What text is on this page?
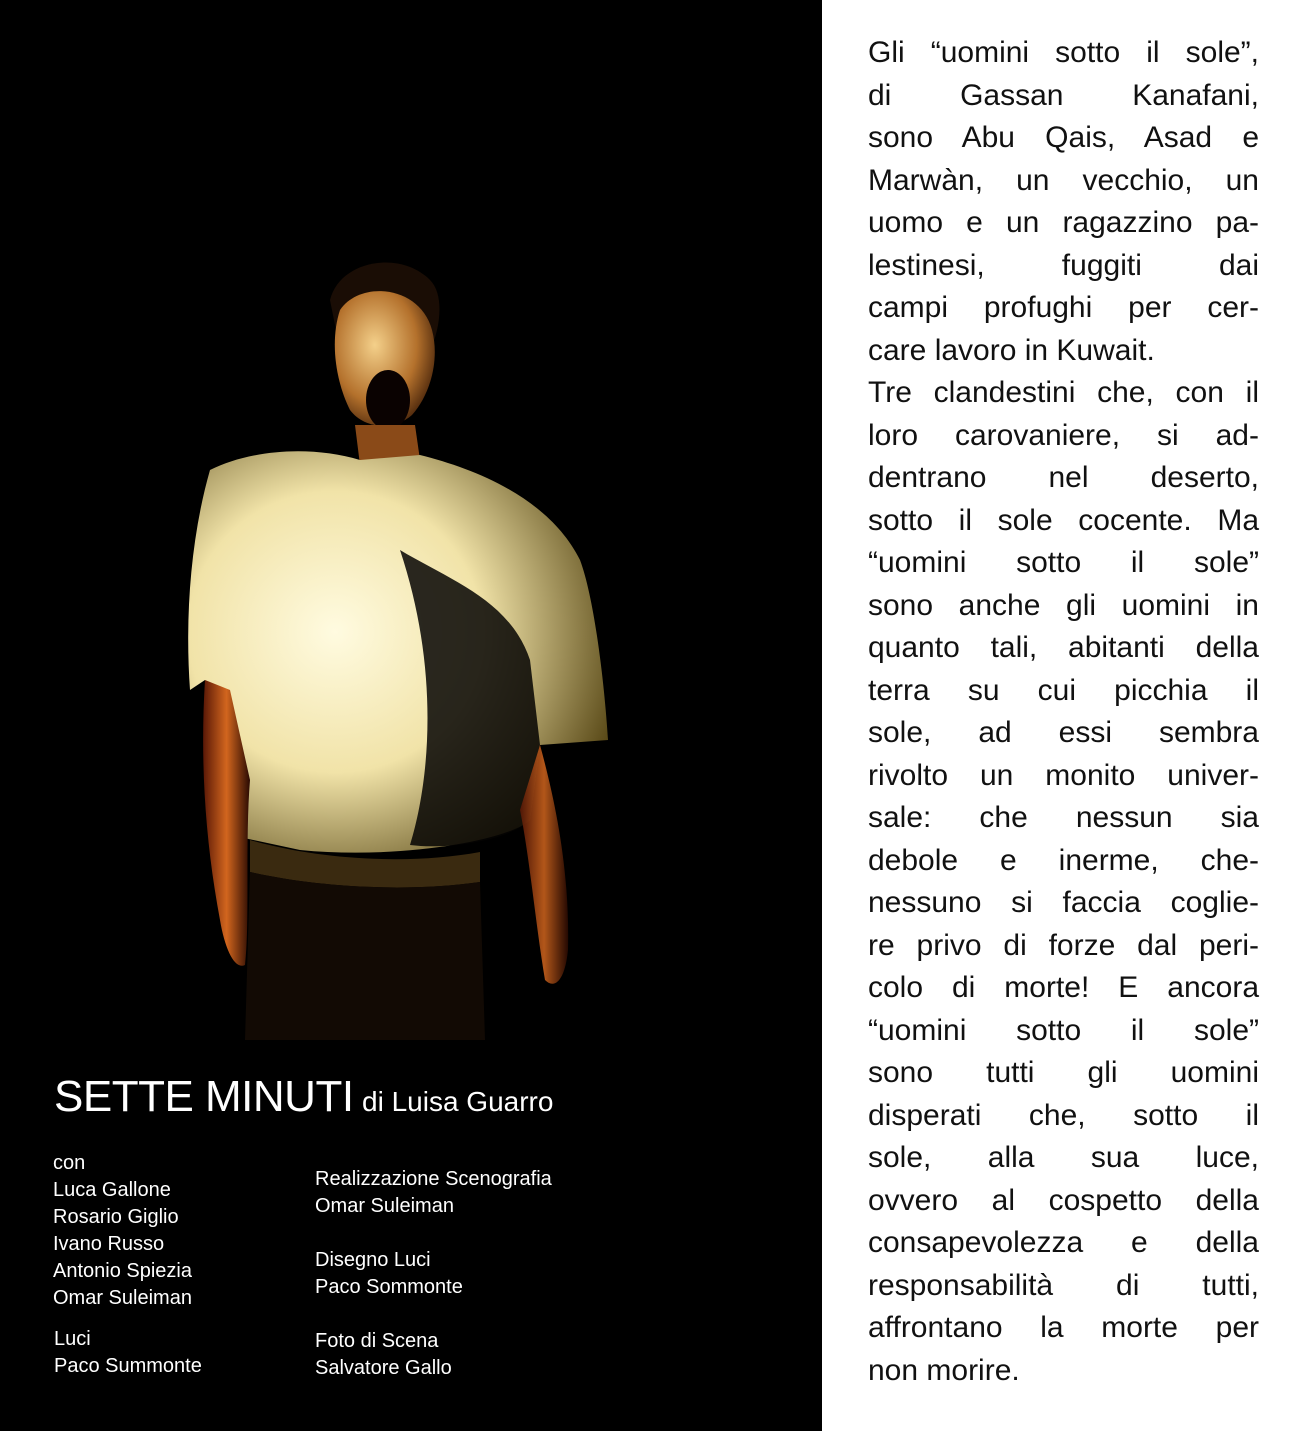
SETTE MINUTI di Luisa Guarro
con
Luca Gallone
Rosario Giglio
Ivano Russo
Antonio Spiezia
Omar Suleiman
Luci
Paco Summonte
Realizzazione Scenografia
Omar Suleiman
Disegno Luci
Paco Sommonte
Foto di Scena
Salvatore Gallo
Gli “uomini sotto il sole”,
di Gassan Kanafani,
sono Abu Qais, Asad e
Marwàn, un vecchio, un
uomo e un ragazzino pa-
lestinesi, fuggiti dai
campi profughi per cer-
care lavoro in Kuwait.
Tre clandestini che, con il
loro carovaniere, si ad-
dentrano nel deserto,
sotto il sole cocente. Ma
“uomini sotto il sole”
sono anche gli uomini in
quanto tali, abitanti della
terra su cui picchia il
sole, ad essi sembra
rivolto un monito univer-
sale: che nessun sia
debole e inerme, che-
nessuno si faccia coglie-
re privo di forze dal peri-
colo di morte! E ancora
“uomini sotto il sole”
sono tutti gli uomini
disperati che, sotto il
sole, alla sua luce,
ovvero al cospetto della
consapevolezza e della
responsabilità di tutti,
affrontano la morte per
non morire.
